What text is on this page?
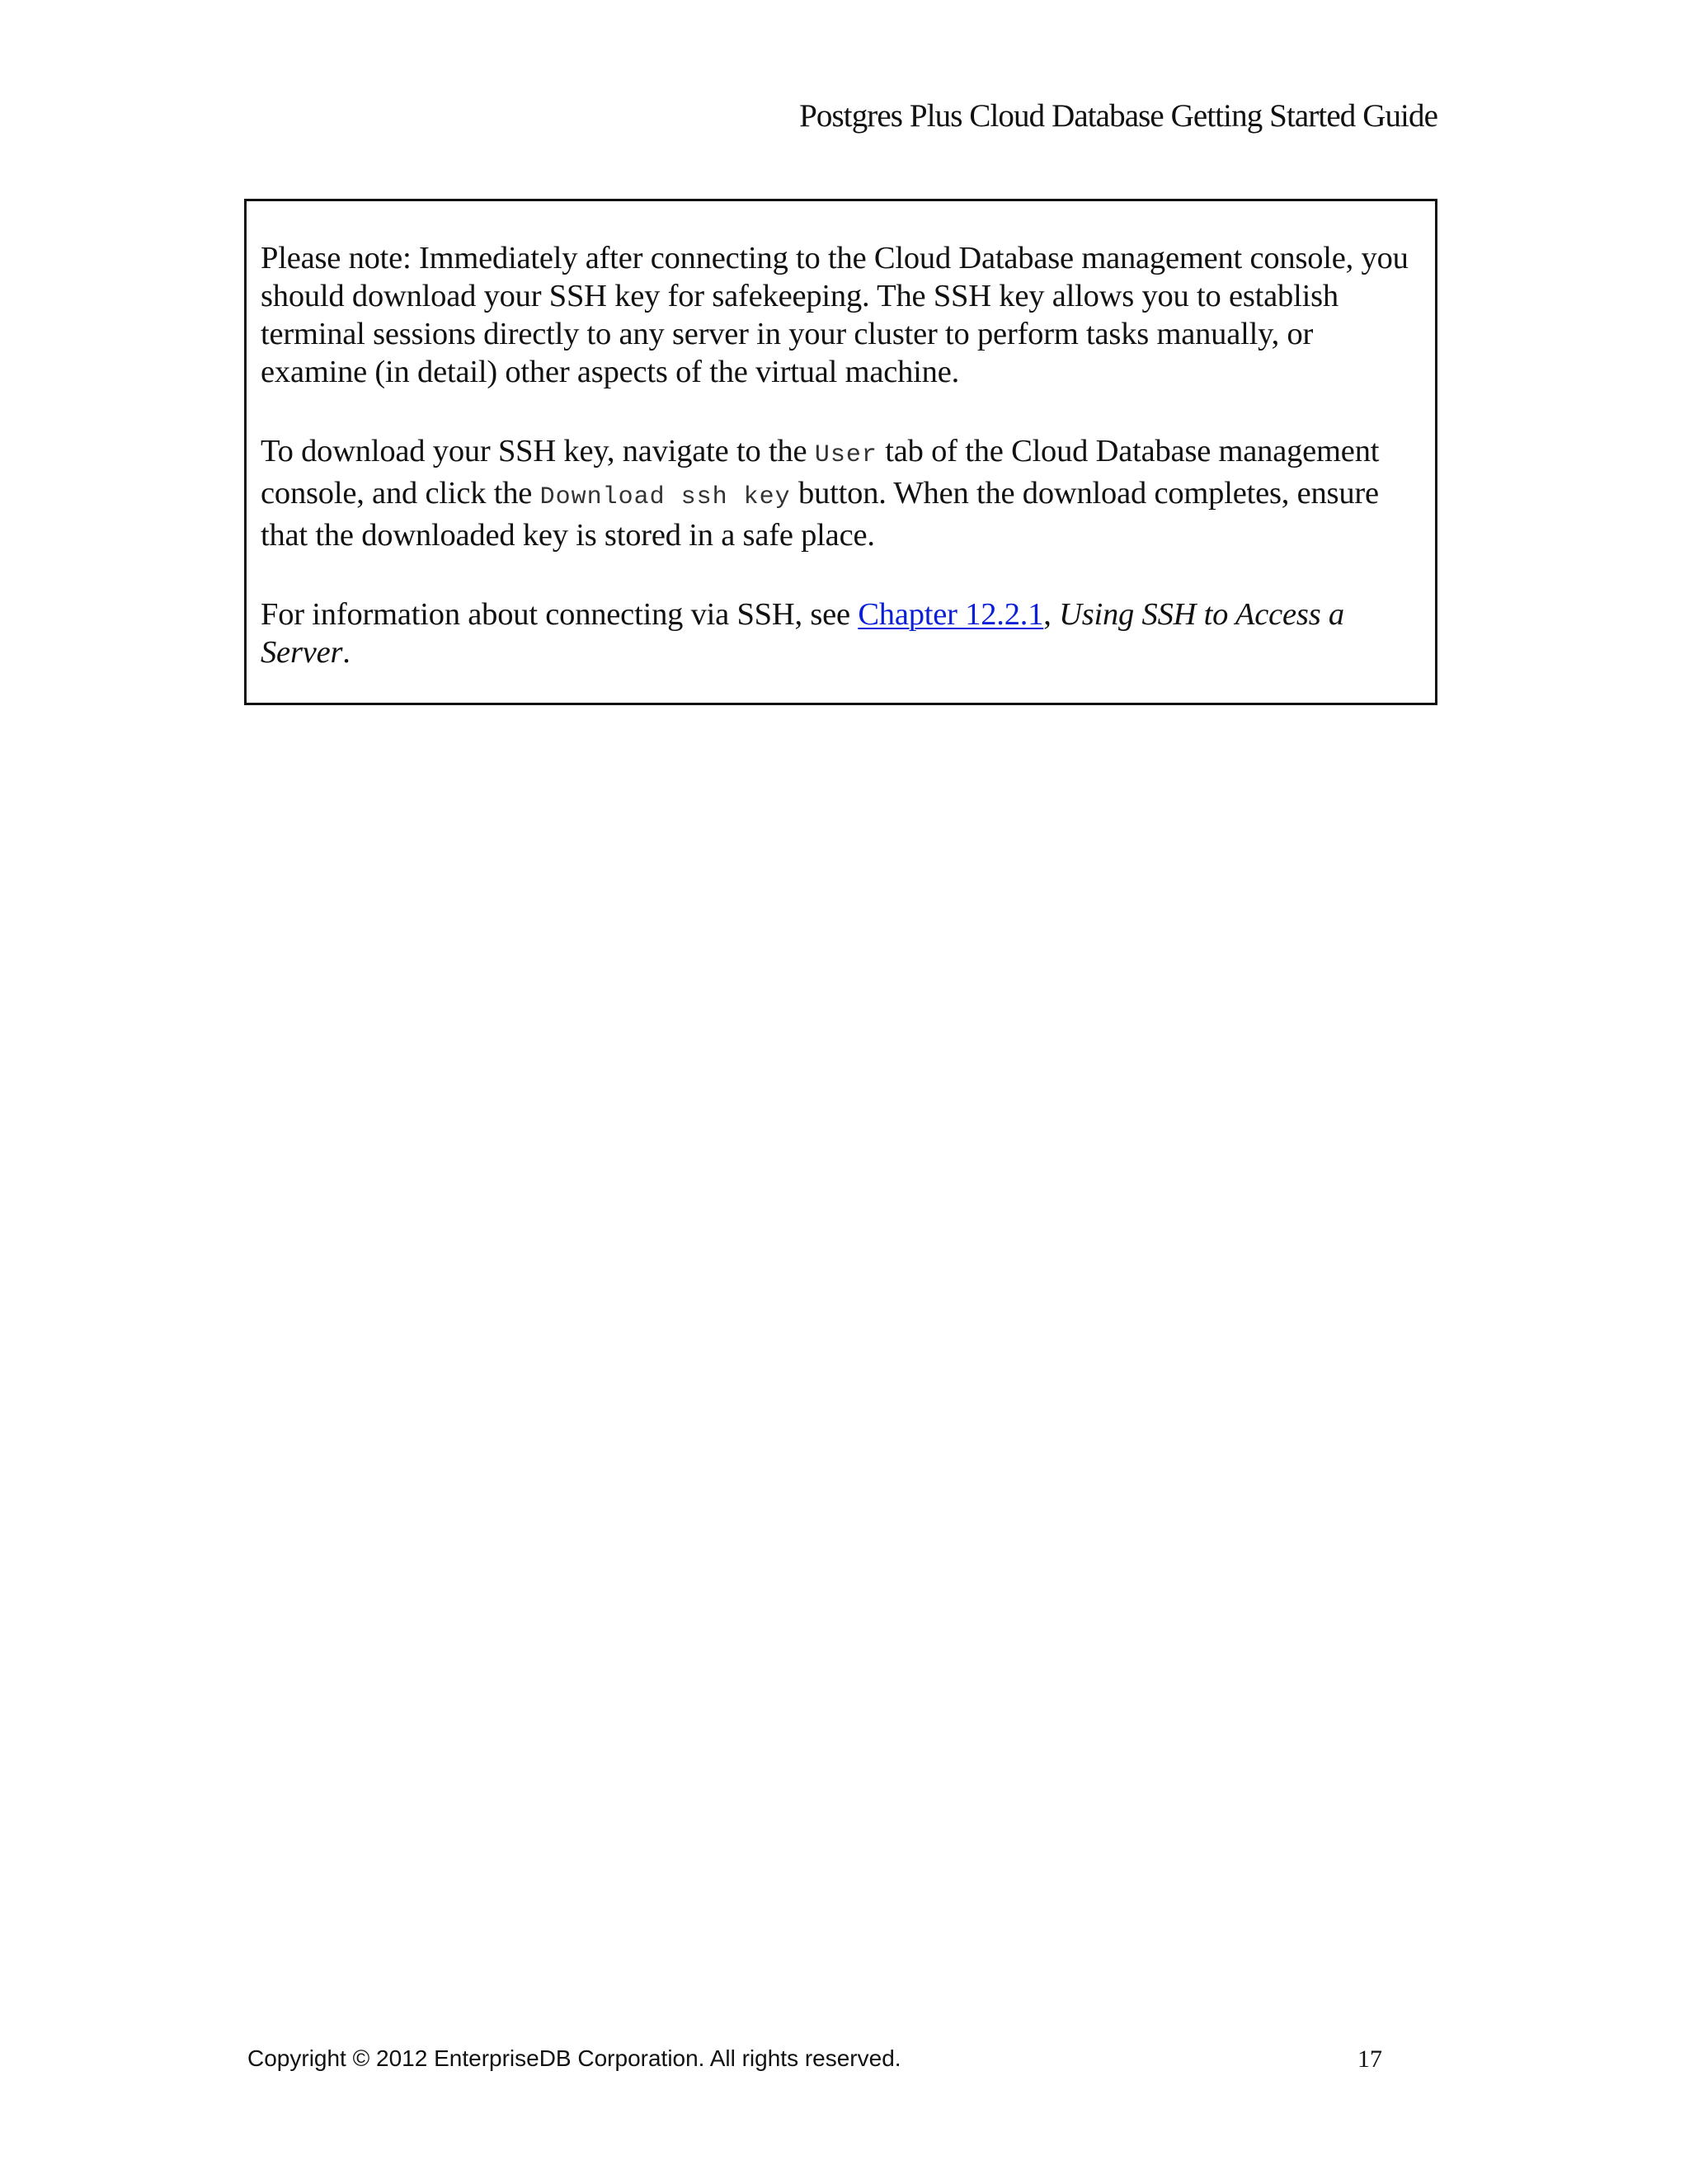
Postgres Plus Cloud Database Getting Started Guide

Please note: Immediately after connecting to the Cloud Database management console, you should download your SSH key for safekeeping. The SSH key allows you to establish terminal sessions directly to any server in your cluster to perform tasks manually, or examine (in detail) other aspects of the virtual machine.

To download your SSH key, navigate to the User tab of the Cloud Database management console, and click the Download ssh key button. When the download completes, ensure that the downloaded key is stored in a safe place.

For information about connecting via SSH, see Chapter 12.2.1, Using SSH to Access a Server.

Copyright © 2012 EnterpriseDB Corporation. All rights reserved.	17
